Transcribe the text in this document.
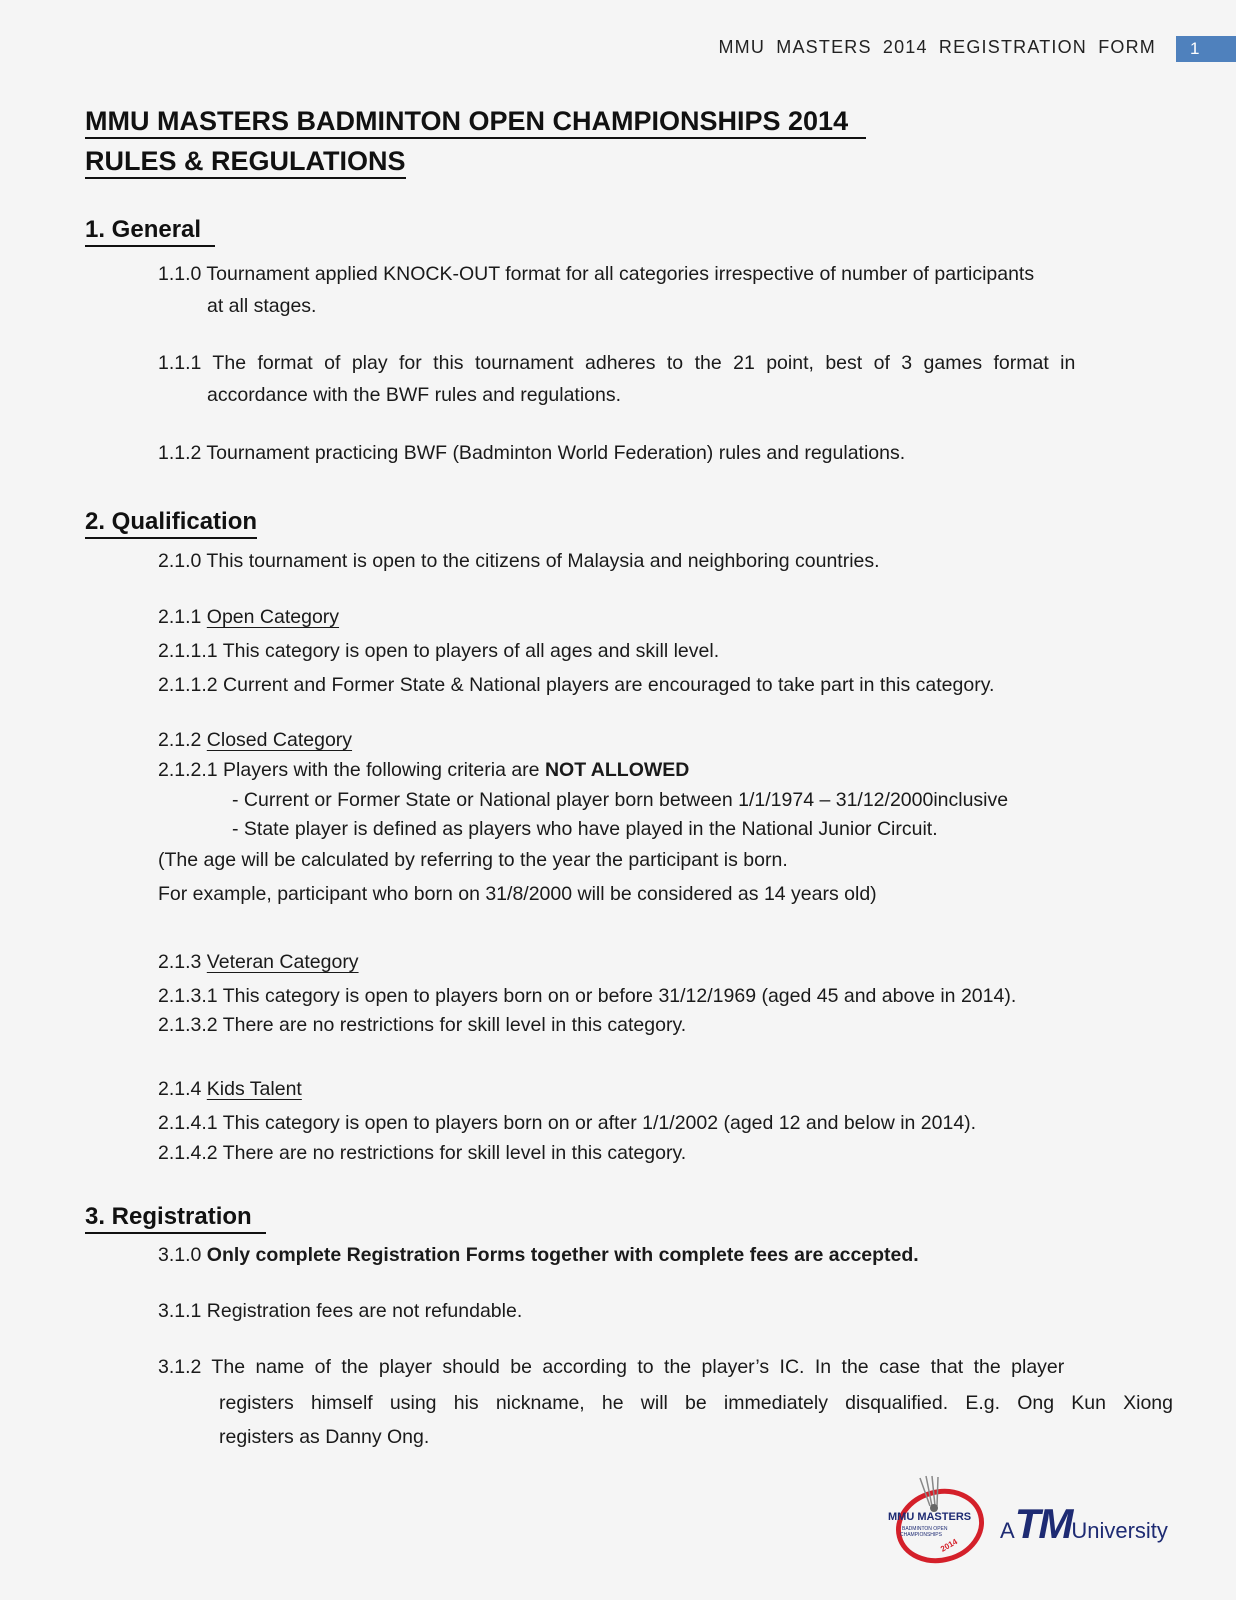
MMU MASTERS 2014 REGISTRATION FORM	1
MMU MASTERS BADMINTON OPEN CHAMPIONSHIPS 2014
RULES & REGULATIONS
1. General
1.1.0 Tournament applied KNOCK-OUT format for all categories irrespective of number of participants
at all stages.
1.1.1 The format of play for this tournament adheres to the 21 point, best of 3 games format in
accordance with the BWF rules and regulations.
1.1.2 Tournament practicing BWF (Badminton World Federation) rules and regulations.
2. Qualification
2.1.0 This tournament is open to the citizens of Malaysia and neighboring countries.
2.1.1 Open Category
2.1.1.1 This category is open to players of all ages and skill level.
2.1.1.2 Current and Former State & National players are encouraged to take part in this category.
2.1.2 Closed Category
2.1.2.1 Players with the following criteria are NOT ALLOWED
- Current or Former State or National player born between 1/1/1974 – 31/12/2000inclusive
- State player is defined as players who have played in the National Junior Circuit.
(The age will be calculated by referring to the year the participant is born.
For example, participant who born on 31/8/2000 will be considered as 14 years old)
2.1.3 Veteran Category
2.1.3.1 This category is open to players born on or before 31/12/1969 (aged 45 and above in 2014).
2.1.3.2 There are no restrictions for skill level in this category.
2.1.4 Kids Talent
2.1.4.1 This category is open to players born on or after 1/1/2002 (aged 12 and below in 2014).
2.1.4.2 There are no restrictions for skill level in this category.
3. Registration
3.1.0 Only complete Registration Forms together with complete fees are accepted.
3.1.1 Registration fees are not refundable.
3.1.2 The name of the player should be according to the player’s IC. In the case that the player
registers himself using his nickname, he will be immediately disqualified. E.g. Ong Kun Xiong
registers as Danny Ong.
MMU MASTERS
BADMINTON OPEN
CHAMPIONSHIPS
2014
ATMUniversity
